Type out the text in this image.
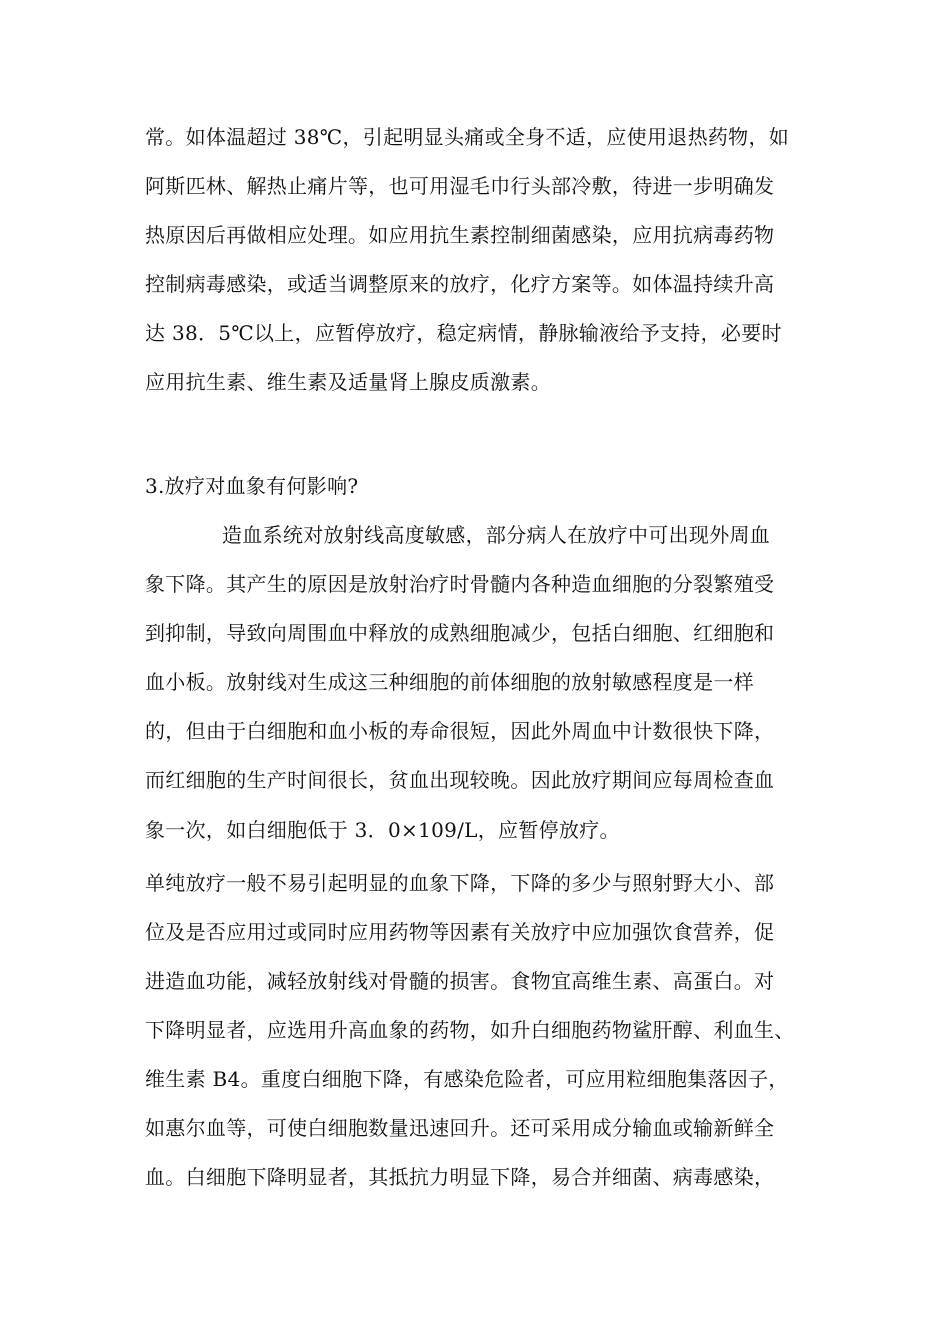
常。如体温超过 38℃，引起明显头痛或全身不适，应使用退热药物，如
阿斯匹林、解热止痛片等，也可用湿毛巾行头部冷敷，待进一步明确发
热原因后再做相应处理。如应用抗生素控制细菌感染，应用抗病毒药物
控制病毒感染，或适当调整原来的放疗，化疗方案等。如体温持续升高
达 38．5℃以上，应暂停放疗，稳定病情，静脉输液给予支持，必要时
应用抗生素、维生素及适量肾上腺皮质激素。
3.放疗对血象有何影响?
造血系统对放射线高度敏感，部分病人在放疗中可出现外周血
象下降。其产生的原因是放射治疗时骨髓内各种造血细胞的分裂繁殖受
到抑制，导致向周围血中释放的成熟细胞减少，包括白细胞、红细胞和
血小板。放射线对生成这三种细胞的前体细胞的放射敏感程度是一样
的，但由于白细胞和血小板的寿命很短，因此外周血中计数很快下降，
而红细胞的生产时间很长，贫血出现较晚。因此放疗期间应每周检查血
象一次，如白细胞低于 3．0×109/L，应暂停放疗。
单纯放疗一般不易引起明显的血象下降，下降的多少与照射野大小、部
位及是否应用过或同时应用药物等因素有关放疗中应加强饮食营养，促
进造血功能，减轻放射线对骨髓的损害。食物宜高维生素、高蛋白。对
下降明显者，应选用升高血象的药物，如升白细胞药物鲨肝醇、利血生、
维生素 B4。重度白细胞下降，有感染危险者，可应用粒细胞集落因子，
如惠尔血等，可使白细胞数量迅速回升。还可采用成分输血或输新鲜全
血。白细胞下降明显者，其抵抗力明显下降，易合并细菌、病毒感染，
